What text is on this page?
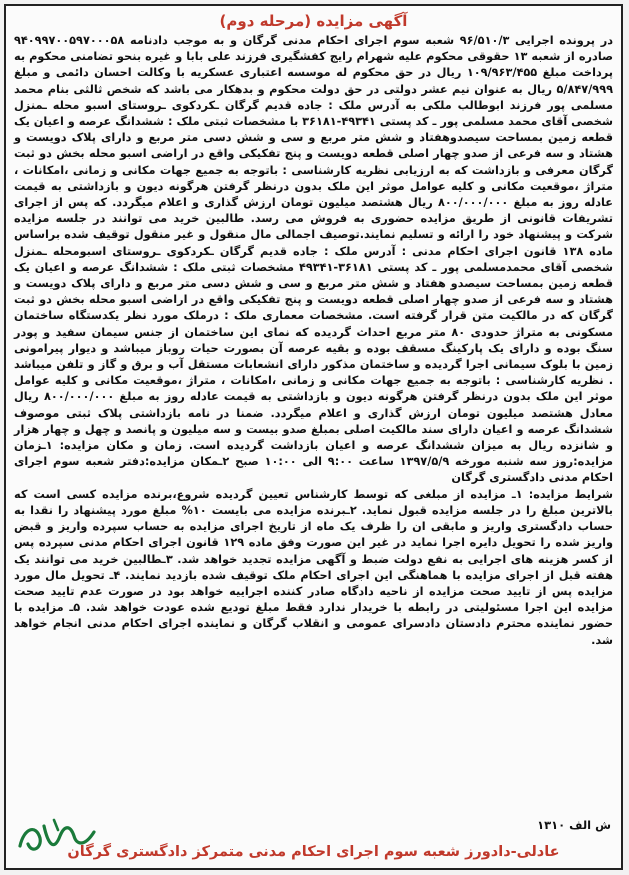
آگهی مزایده (مرحله دوم)

در پرونده اجرایی ۹۶/۵۱۰/۳ شعبه سوم اجرای احکام مدنی گرگان و به موجب دادنامه ۹۴۰۹۹۷۰۰۵۹۷۰۰۰۵۸ صادره از شعبه ۱۳ حقوقی محکوم علیه شهرام رایج کفشگیری فرزند علی بابا و غیره بنحو تضامنی محکوم به پرداخت مبلغ ۱۰۹/۹۶۳/۴۵۵ ریال در حق محکوم له موسسه اعتباری عسکریه با وکالت احسان دائمی و مبلغ ۵/۸۴۷/۹۹۹ ریال به عنوان نیم عشر دولتی در حق دولت محکوم و بدهکار می باشد که شخص ثالثی بنام محمد مسلمی پور فرزند ابوطالب ملکی به آدرس ملک : جاده قدیم گرگان ـکردکوی ـروستای اسبو محله ـمنزل شخصی آقای محمد مسلمی پور ـ کد پستی ۴۹۳۴۱-۳۶۱۸۱ با مشخصات ثبتی ملک : ششدانگ عرصه و اعیان یک قطعه زمین بمساحت سیصدوهفتاد و شش متر مربع و سی و شش دسی متر مربع و دارای پلاک دویست و هشتاد و سه فرعی از صدو چهار اصلی قطعه دویست و پنج تفکیکی واقع در اراضی اسبو محله بخش دو ثبت گرگان معرفی و بازداشت که به ارزیابی نظریه کارشناسی : باتوجه به جمیع جهات مکانی و زمانی ،امکانات ، متراژ ،موقعیت مکانی و کلیه عوامل موثر این ملک بدون درنظر گرفتن هرگونه دیون و بازداشتی به قیمت عادله روز به مبلغ ۸۰۰/۰۰۰/۰۰۰ ریال هشتصد میلیون تومان ارزش گذاری و اعلام میگردد. که پس از اجرای تشریفات قانونی از طریق مزایده حضوری به فروش می رسد. طالبین خرید می توانند در جلسه مزایده شرکت و پیشنهاد خود را ارائه و تسلیم نمایند.توصیف اجمالی مال منقول و غیر منقول توقیف شده براساس ماده ۱۳۸ قانون اجرای احکام مدنی : آدرس ملک : جاده قدیم گرگان ـکردکوی ـروستای اسبومحله ـمنزل شخصی آقای محمدمسلمی پور ـ کد پستی ۳۶۱۸۱-۴۹۳۴۱ مشخصات ثبتی ملک : ششدانگ عرصه و اعیان یک قطعه زمین بمساحت سیصدو هفتاد و شش متر مربع و سی و شش دسی متر مربع و دارای پلاک دویست و هشتاد و سه فرعی از صدو چهار اصلی قطعه دویست و پنج تفکیکی واقع در اراضی اسبو محله بخش دو ثبت گرگان که در مالکیت متن قرار گرفته است. مشخصات معماری ملک : درملک مورد نظر یکدستگاه ساختمان مسکونی به متراژ حدودی ۸۰ متر مربع احداث گردیده که نمای این ساختمان از جنس سیمان سفید و پودر سنگ بوده و دارای یک پارکینگ مسقف بوده و بقیه عرصه آن بصورت حیات روباز میباشد و دیوار پیرامونی زمین با بلوک سیمانی اجرا گردیده و ساختمان مذکور دارای انشعابات مستقل آب و برق و گاز و تلفن میباشد . نظریه کارشناسی : باتوجه به جمیع جهات مکانی و زمانی ،امکانات ، متراژ ،موقعیت مکانی و کلیه عوامل موثر این ملک بدون درنظر گرفتن هرگونه دیون و بازداشتی به قیمت عادله روز به مبلغ ۸۰۰/۰۰۰/۰۰۰ ریال معادل هشتصد میلیون تومان ارزش گذاری و اعلام میگردد. ضمنا در نامه بازداشتی پلاک ثبتی موصوف ششدانگ عرصه و اعیان دارای سند مالکیت اصلی بمبلغ صدو بیست و سه میلیون و پانصد و چهل و چهار هزار و شانزده ریال به میزان ششدانگ عرصه و اعیان بازداشت گردیده است. زمان و مکان مزایده: ۱ـزمان مزایده:روز سه شنبه مورخه ۱۳۹۷/۵/۹ ساعت ۹:۰۰ الی ۱۰:۰۰ صبح ۲ـمکان مزایده:دفتر شعبه سوم اجرای احکام مدنی دادگستری گرگان

شرایط مزایده: ۱ـ مزایده از مبلغی که توسط کارشناس تعیین گردیده شروع،برنده مزایده کسی است که بالاترین مبلغ را در جلسه مزایده قبول نماید. ۲ـبرنده مزایده می بایست ۱۰% مبلغ مورد پیشنهاد را نقدا به حساب دادگستری واریز و مابقی ان را ظرف یک ماه از تاریخ اجرای مزایده به حساب سپرده واریز و قبض واریز شده را تحویل دایره اجرا نماید در غیر این صورت وفق ماده ۱۲۹ قانون اجرای احکام مدنی سپرده پس از کسر هزینه های اجرایی به نفع دولت ضبط و آگهی مزایده تجدید خواهد شد. ۳ـطالبین خرید می توانند یک هفته قبل از اجرای مزایده با هماهنگی این اجرای احکام ملک توقیف شده بازدید نمایند. ۴ـ تحویل مال مورد مزایده پس از تایید صحت مزایده از ناحیه دادگاه صادر کننده اجراییه خواهد بود در صورت عدم تایید صحت مزایده این اجرا مسئولیتی در رابطه با خریدار ندارد فقط مبلغ تودیع شده عودت خواهد شد. ۵ـ مزایده با حضور نماینده محترم دادستان دادسرای عمومی و انقلاب گرگان و نماینده اجرای احکام مدنی انجام خواهد شد.

ش الف ۱۳۱۰
عادلی-دادورز شعبه سوم اجرای احکام مدنی متمرکز دادگستری گرگان
